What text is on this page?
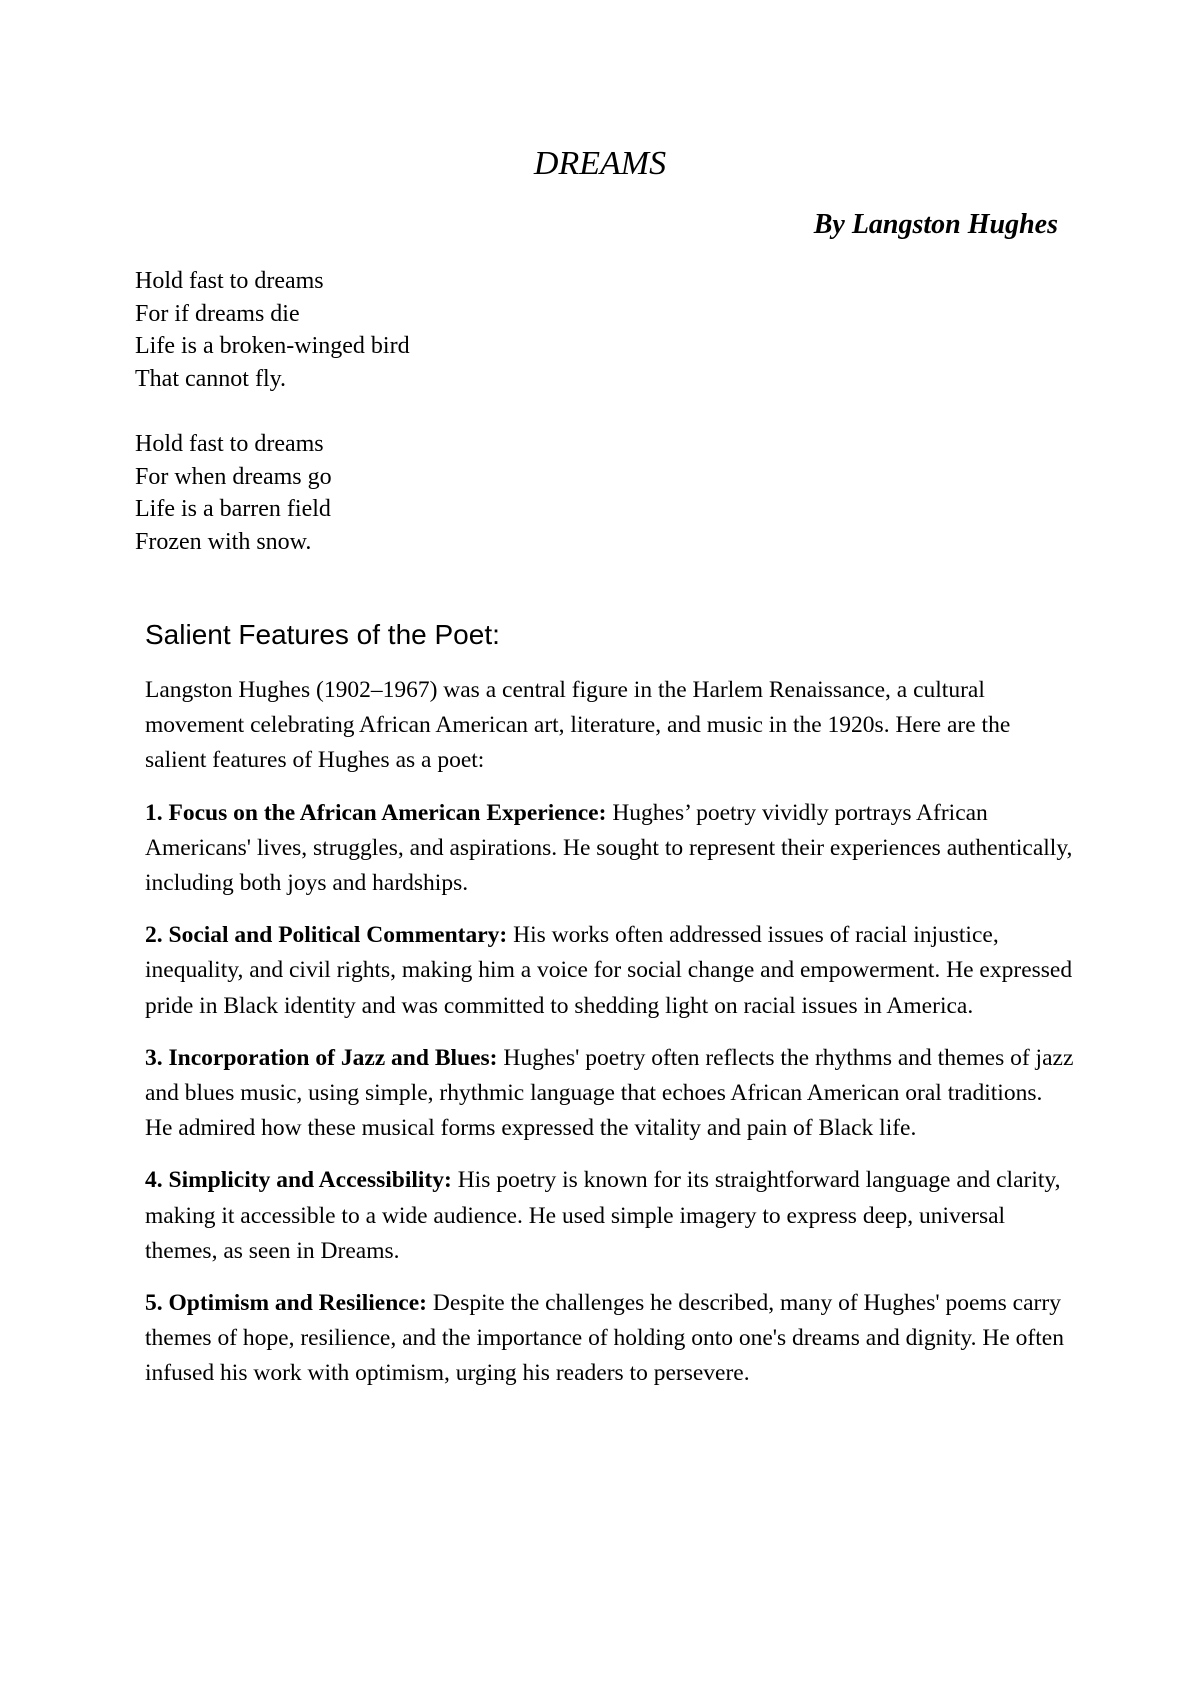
DREAMS
By Langston Hughes
Hold fast to dreams
For if dreams die
Life is a broken-winged bird
That cannot fly.
Hold fast to dreams
For when dreams go
Life is a barren field
Frozen with snow.
Salient Features of the Poet:

Langston Hughes (1902–1967) was a central figure in the Harlem Renaissance, a cultural movement celebrating African American art, literature, and music in the 1920s. Here are the salient features of Hughes as a poet:

1. Focus on the African American Experience: Hughes’ poetry vividly portrays African Americans' lives, struggles, and aspirations. He sought to represent their experiences authentically, including both joys and hardships.

2. Social and Political Commentary: His works often addressed issues of racial injustice, inequality, and civil rights, making him a voice for social change and empowerment. He expressed pride in Black identity and was committed to shedding light on racial issues in America.

3. Incorporation of Jazz and Blues: Hughes' poetry often reflects the rhythms and themes of jazz and blues music, using simple, rhythmic language that echoes African American oral traditions. He admired how these musical forms expressed the vitality and pain of Black life.

4. Simplicity and Accessibility: His poetry is known for its straightforward language and clarity, making it accessible to a wide audience. He used simple imagery to express deep, universal themes, as seen in Dreams.

5. Optimism and Resilience: Despite the challenges he described, many of Hughes' poems carry themes of hope, resilience, and the importance of holding onto one's dreams and dignity. He often infused his work with optimism, urging his readers to persevere.
